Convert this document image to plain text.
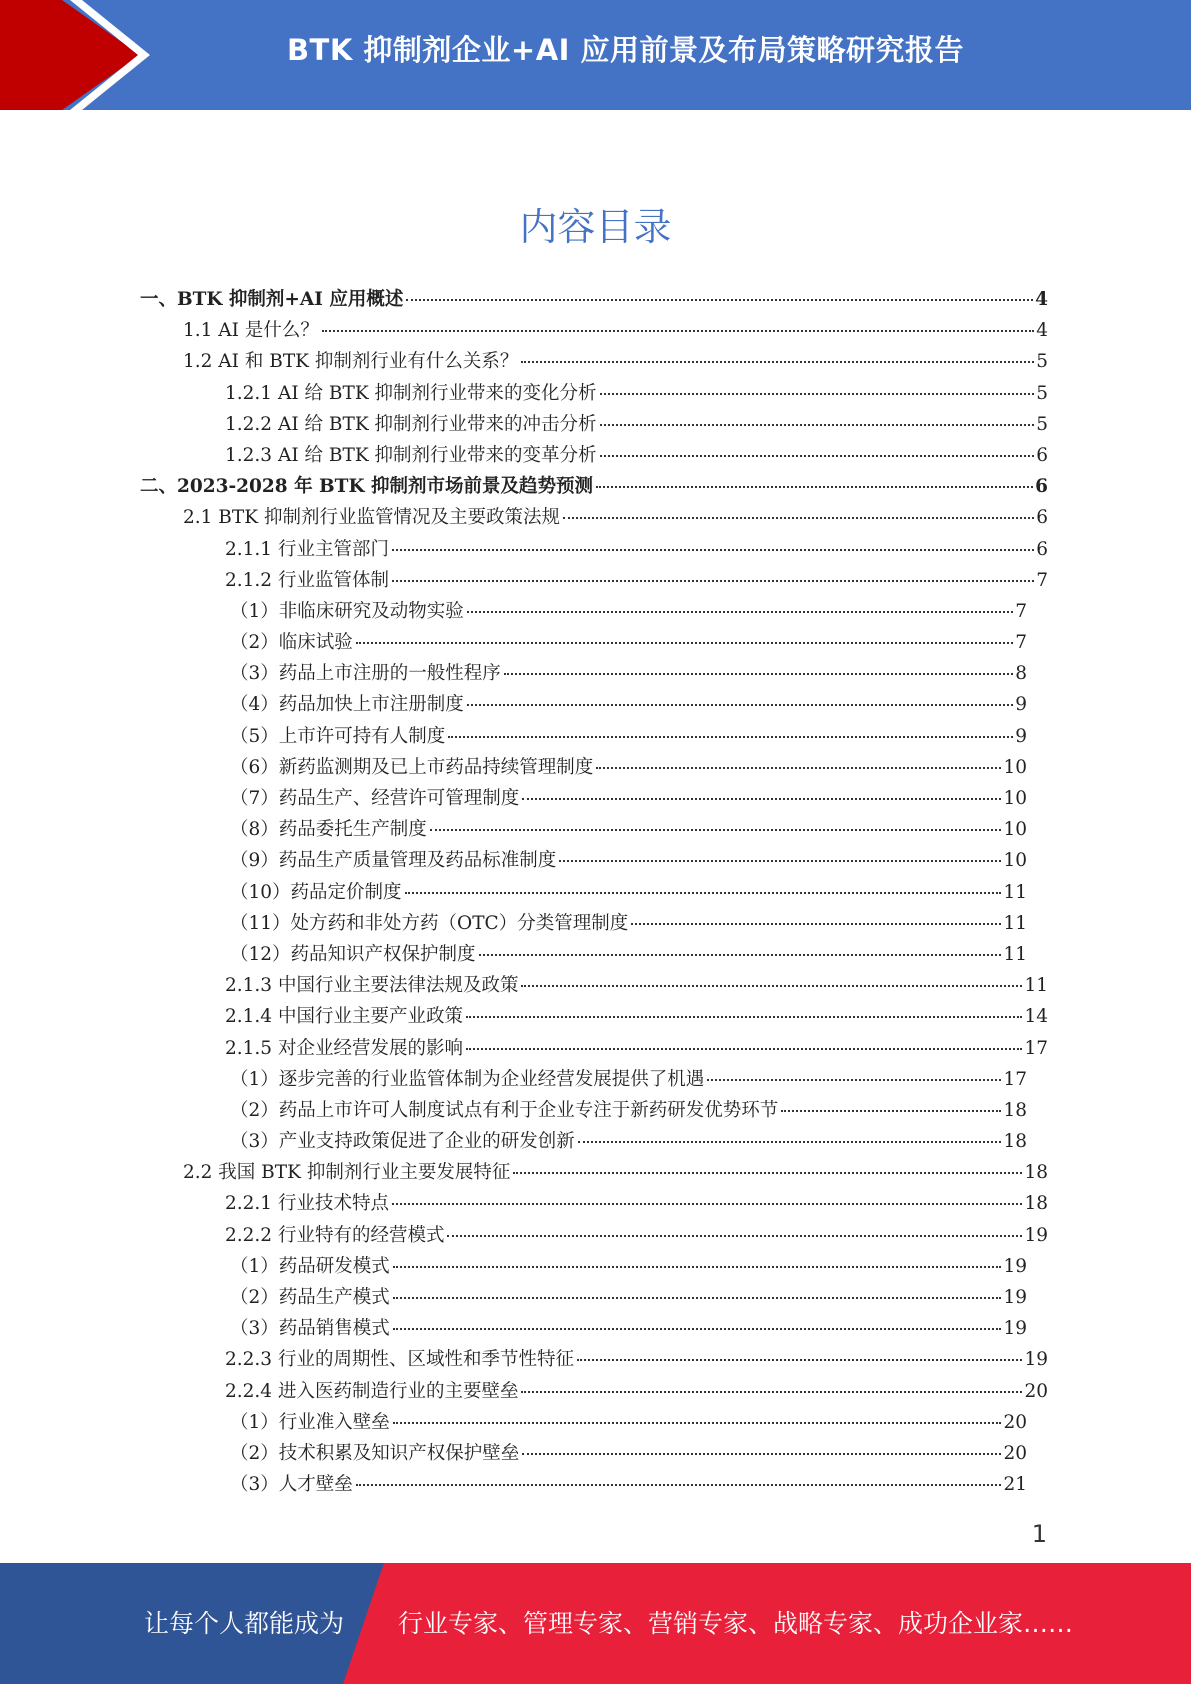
BTK 抑制剂企业+AI 应用前景及布局策略研究报告
内容目录
一、BTK 抑制剂+AI 应用概述	4
1.1 AI 是什么？	4
1.2 AI 和 BTK 抑制剂行业有什么关系？	5
1.2.1 AI 给 BTK 抑制剂行业带来的变化分析	5
1.2.2 AI 给 BTK 抑制剂行业带来的冲击分析	5
1.2.3 AI 给 BTK 抑制剂行业带来的变革分析	6
二、2023-2028 年 BTK 抑制剂市场前景及趋势预测	6
2.1 BTK 抑制剂行业监管情况及主要政策法规	6
2.1.1 行业主管部门	6
2.1.2 行业监管体制	7
（1）非临床研究及动物实验	7
（2）临床试验	7
（3）药品上市注册的一般性程序	8
（4）药品加快上市注册制度	9
（5）上市许可持有人制度	9
（6）新药监测期及已上市药品持续管理制度	10
（7）药品生产、经营许可管理制度	10
（8）药品委托生产制度	10
（9）药品生产质量管理及药品标准制度	10
（10）药品定价制度	11
（11）处方药和非处方药（OTC）分类管理制度	11
（12）药品知识产权保护制度	11
2.1.3 中国行业主要法律法规及政策	11
2.1.4 中国行业主要产业政策	14
2.1.5 对企业经营发展的影响	17
（1）逐步完善的行业监管体制为企业经营发展提供了机遇	17
（2）药品上市许可人制度试点有利于企业专注于新药研发优势环节	18
（3）产业支持政策促进了企业的研发创新	18
2.2 我国 BTK 抑制剂行业主要发展特征	18
2.2.1 行业技术特点	18
2.2.2 行业特有的经营模式	19
（1）药品研发模式	19
（2）药品生产模式	19
（3）药品销售模式	19
2.2.3 行业的周期性、区域性和季节性特征	19
2.2.4 进入医药制造行业的主要壁垒	20
（1）行业准入壁垒	20
（2）技术积累及知识产权保护壁垒	20
（3）人才壁垒	21
1
让每个人都能成为 行业专家、管理专家、营销专家、战略专家、成功企业家……
